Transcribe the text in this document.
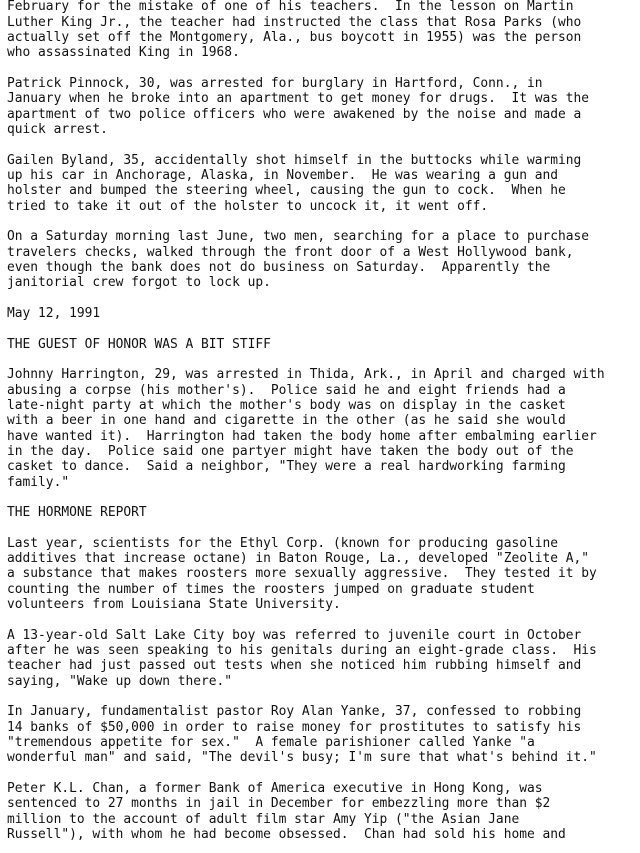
February for the mistake of one of his teachers.  In the lesson on Martin
Luther King Jr., the teacher had instructed the class that Rosa Parks (who
actually set off the Montgomery, Ala., bus boycott in 1955) was the person
who assassinated King in 1968.
Patrick Pinnock, 30, was arrested for burglary in Hartford, Conn., in
January when he broke into an apartment to get money for drugs.  It was the
apartment of two police officers who were awakened by the noise and made a
quick arrest.
Gailen Byland, 35, accidentally shot himself in the buttocks while warming
up his car in Anchorage, Alaska, in November.  He was wearing a gun and
holster and bumped the steering wheel, causing the gun to cock.  When he
tried to take it out of the holster to uncock it, it went off.
On a Saturday morning last June, two men, searching for a place to purchase
travelers checks, walked through the front door of a West Hollywood bank,
even though the bank does not do business on Saturday.  Apparently the
janitorial crew forgot to lock up.
May 12, 1991
THE GUEST OF HONOR WAS A BIT STIFF
Johnny Harrington, 29, was arrested in Thida, Ark., in April and charged with
abusing a corpse (his mother's).  Police said he and eight friends had a
late-night party at which the mother's body was on display in the casket
with a beer in one hand and cigarette in the other (as he said she would
have wanted it).  Harrington had taken the body home after embalming earlier
in the day.  Police said one partyer might have taken the body out of the
casket to dance.  Said a neighbor, "They were a real hardworking farming
family."
THE HORMONE REPORT
Last year, scientists for the Ethyl Corp. (known for producing gasoline
additives that increase octane) in Baton Rouge, La., developed "Zeolite A,"
a substance that makes roosters more sexually aggressive.  They tested it by
counting the number of times the roosters jumped on graduate student
volunteers from Louisiana State University.
A 13-year-old Salt Lake City boy was referred to juvenile court in October
after he was seen speaking to his genitals during an eight-grade class.  His
teacher had just passed out tests when she noticed him rubbing himself and
saying, "Wake up down there."
In January, fundamentalist pastor Roy Alan Yanke, 37, confessed to robbing
14 banks of $50,000 in order to raise money for prostitutes to satisfy his
"tremendous appetite for sex."  A female parishioner called Yanke "a
wonderful man" and said, "The devil's busy; I'm sure that what's behind it."
Peter K.L. Chan, a former Bank of America executive in Hong Kong, was
sentenced to 27 months in jail in December for embezzling more than $2
million to the account of adult film star Amy Yip ("the Asian Jane
Russell"), with whom he had become obsessed.  Chan had sold his home and
